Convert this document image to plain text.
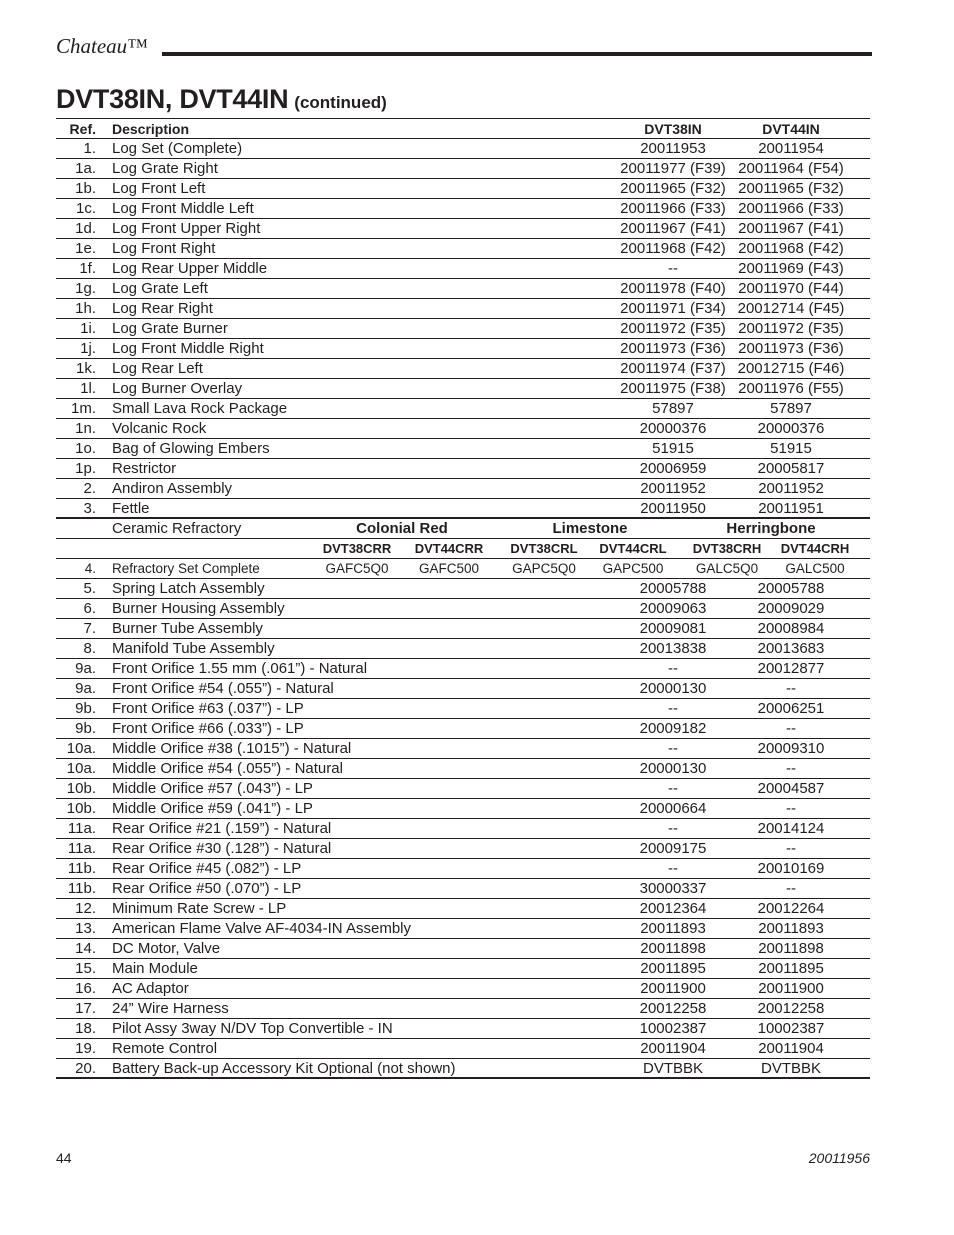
Chateau™
DVT38IN, DVT44IN (continued)
Ref. Description	DVT38IN	DVT44IN
1. Log Set (Complete)	20011953	20011954
1a. Log Grate Right	20011977 (F39) 20011964 (F54)
1b. Log Front Left	20011965 (F32) 20011965 (F32)
1c. Log Front Middle Left	20011966 (F33) 20011966 (F33)
1d. Log Front Upper Right	20011967 (F41) 20011967 (F41)
1e. Log Front Right	20011968 (F42) 20011968 (F42)
1f. Log Rear Upper Middle	--	20011969 (F43)
1g. Log Grate Left	20011978 (F40) 20011970 (F44)
1h. Log Rear Right	20011971 (F34) 20012714 (F45)
1i. Log Grate Burner	20011972 (F35) 20011972 (F35)
1j. Log Front Middle Right	20011973 (F36) 20011973 (F36)
1k. Log Rear Left	20011974 (F37) 20012715 (F46)
1l. Log Burner Overlay	20011975 (F38) 20011976 (F55)
1m. Small Lava Rock Package	57897	57897
1n. Volcanic Rock	20000376	20000376
1o. Bag of Glowing Embers	51915	51915
1p. Restrictor	20006959	20005817
2. Andiron Assembly	20011952	20011952
3. Fettle	20011950	20011951
Ceramic Refractory	Colonial Red	Limestone	Herringbone
DVT38CRR	DVT44CRR	DVT38CRL	DVT44CRL	DVT38CRH	DVT44CRH
4. Refractory Set Complete	GAFC5Q0	GAFC500	GAPC5Q0	GAPC500	GALC5Q0	GALC500
5. Spring Latch Assembly	20005788	20005788
6. Burner Housing Assembly	20009063	20009029
7. Burner Tube Assembly	20009081	20008984
8. Manifold Tube Assembly	20013838	20013683
9a. Front Orifice 1.55 mm (.061”) - Natural	--	20012877
9a. Front Orifice #54 (.055”) - Natural	20000130	--
9b. Front Orifice #63 (.037”) - LP	--	20006251
9b. Front Orifice #66 (.033”) - LP	20009182	--
10a. Middle Orifice #38 (.1015”) - Natural	--	20009310
10a. Middle Orifice #54 (.055”) - Natural	20000130	--
10b. Middle Orifice #57 (.043”) - LP	--	20004587
10b. Middle Orifice #59 (.041”) - LP	20000664	--
11a. Rear Orifice #21 (.159”) - Natural	--	20014124
11a. Rear Orifice #30 (.128”) - Natural	20009175	--
11b. Rear Orifice #45 (.082”) - LP	--	20010169
11b. Rear Orifice #50 (.070”) - LP	30000337	--
12. Minimum Rate Screw - LP	20012364	20012264
13. American Flame Valve AF-4034-IN Assembly	20011893	20011893
14. DC Motor, Valve	20011898	20011898
15. Main Module	20011895	20011895
16. AC Adaptor	20011900	20011900
17. 24” Wire Harness	20012258	20012258
18. Pilot Assy 3way N/DV Top Convertible - IN	10002387	10002387
19. Remote Control	20011904	20011904
20. Battery Back-up Accessory Kit Optional (not shown)	DVTBBK	DVTBBK
44	20011956
